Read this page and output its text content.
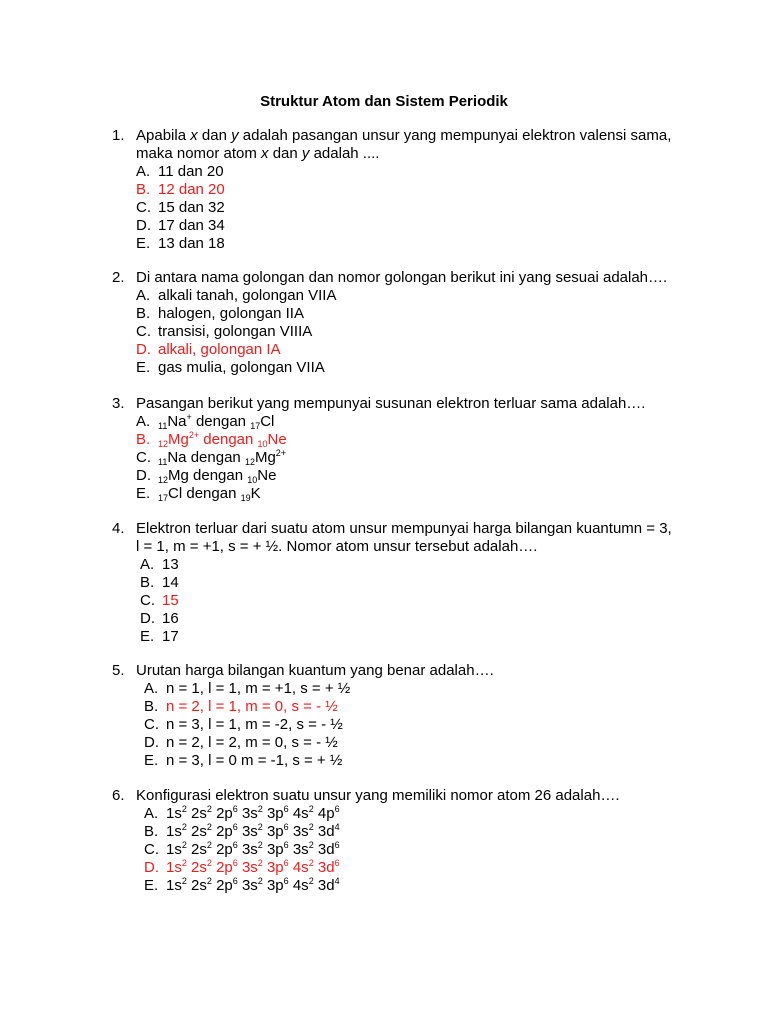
Struktur Atom dan Sistem Periodik
1. Apabila x dan y adalah pasangan unsur yang mempunyai elektron valensi sama,
maka nomor atom x dan y adalah ....
A. 11 dan 20
B. 12 dan 20
C. 15 dan 32
D. 17 dan 34
E. 13 dan 18
2. Di antara nama golongan dan nomor golongan berikut ini yang sesuai adalah….
A. alkali tanah, golongan VIIA
B. halogen, golongan IIA
C. transisi, golongan VIIIA
D. alkali, golongan IA
E. gas mulia, golongan VIIA
3. Pasangan berikut yang mempunyai susunan elektron terluar sama adalah….
A. $_{11}$Na+ dengan $_{17}$Cl
B. $_{12}Mg^{2+}$ dengan $_{10}$Ne
C. $_{11}$Na dengan $_{12}Mg^{2+}$
D. $_{12}$Mg dengan $_{10}$Ne
E. $_{17}$Cl dengan $_{19}$K
4. Elektron terluar dari suatu atom unsur mempunyai harga bilangan kuantumn = 3,
l = 1, m = +1, s = + ½. Nomor atom unsur tersebut adalah….
A. 13
B. 14
C. 15
D. 16
E. 17
5. Urutan harga bilangan kuantum yang benar adalah….
A. n = 1, l = 1, m = +1, s = + ½
B. n = 2, l = 1, m = 0, s = - ½
C. n = 3, l = 1, m = -2, s = - ½
D. n = 2, l = 2, m = 0, s = - ½
E. n = 3, l = 0 m = -1, s = + ½
6. Konfigurasi elektron suatu unsur yang memiliki nomor atom 26 adalah….
A. $1s^2$ $2s^2$ $2p^6$ $3s^2$ $3p^6$ $4s^2$ $4p^6$
B. $1s^2$ $2s^2$ $2p^6$ $3s^2$ $3p^6$ $3s^2$ $3d^4$
C. $1s^2$ $2s^2$ $2p^6$ $3s^2$ $3p^6$ $3s^2$ $3d^6$
D. $1s^2$ $2s^2$ $2p^6$ $3s^2$ $3p^6$ $4s^2$ $3d^6$
E. $1s^2$ $2s^2$ $2p^6$ $3s^2$ $3p^6$ $4s^2$ $3d^4$
